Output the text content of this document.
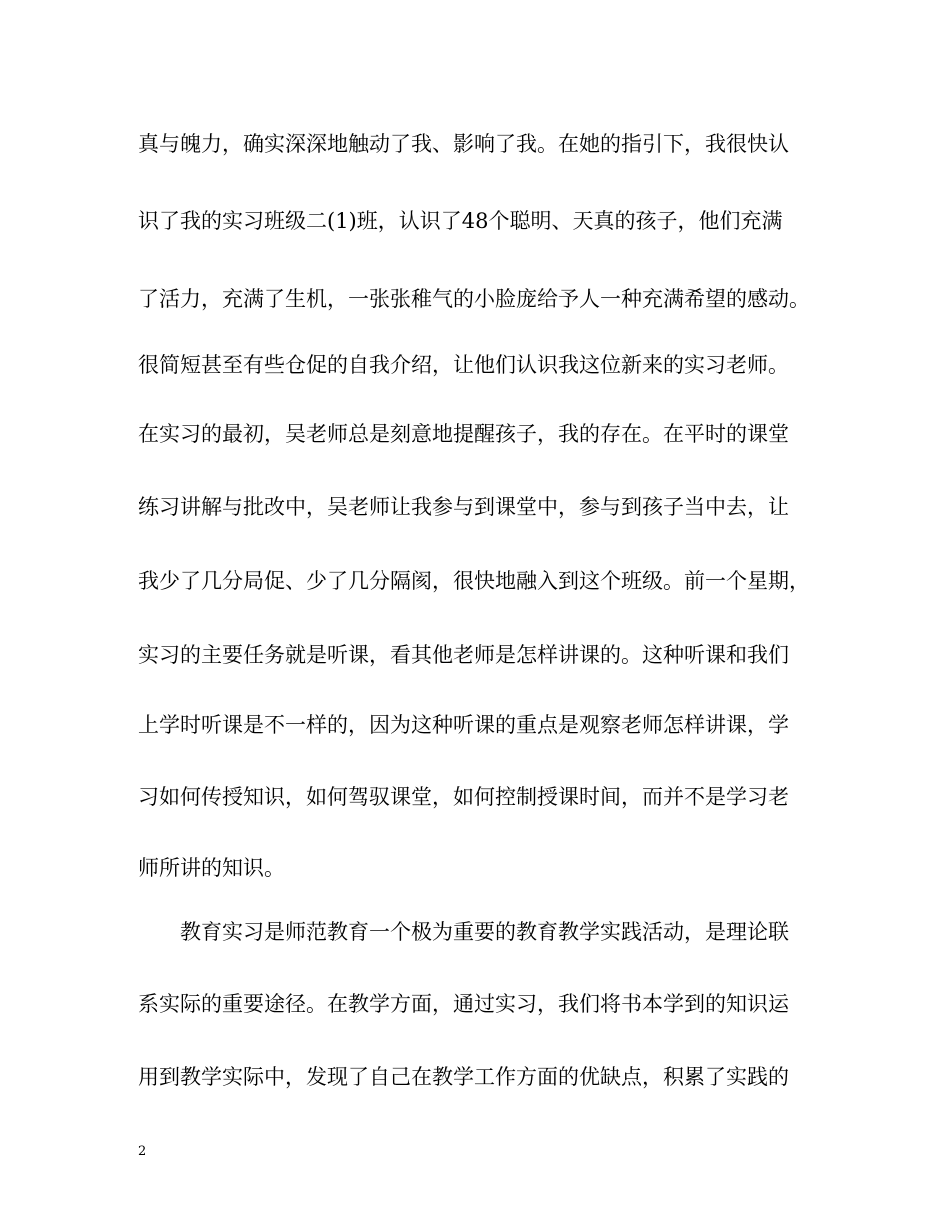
真与魄力，确实深深地触动了我、影响了我。在她的指引下，我很快认
识了我的实习班级二(1)班，认识了48个聪明、天真的孩子，他们充满
了活力，充满了生机，一张张稚气的小脸庞给予人一种充满希望的感动。
很简短甚至有些仓促的自我介绍，让他们认识我这位新来的实习老师。
在实习的最初，吴老师总是刻意地提醒孩子，我的存在。在平时的课堂
练习讲解与批改中，吴老师让我参与到课堂中，参与到孩子当中去，让
我少了几分局促、少了几分隔阂，很快地融入到这个班级。前一个星期，
实习的主要任务就是听课，看其他老师是怎样讲课的。这种听课和我们
上学时听课是不一样的，因为这种听课的重点是观察老师怎样讲课，学
习如何传授知识，如何驾驭课堂，如何控制授课时间，而并不是学习老
师所讲的知识。
教育实习是师范教育一个极为重要的教育教学实践活动，是理论联
系实际的重要途径。在教学方面，通过实习，我们将书本学到的知识运
用到教学实际中，发现了自己在教学工作方面的优缺点，积累了实践的
2
